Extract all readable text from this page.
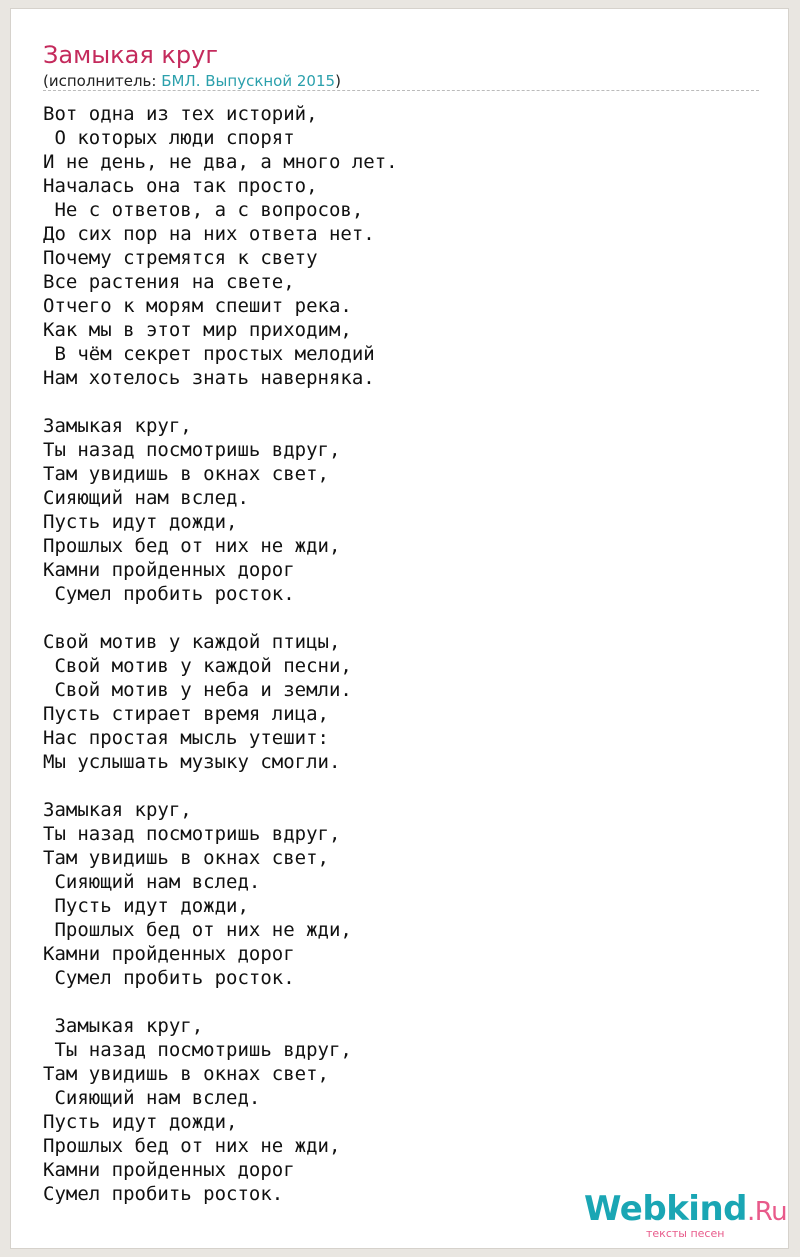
Замыкая круг
(исполнитель: БМЛ. Выпускной 2015)
Вот одна из тех историй,
О которых люди спорят
И не день, не два, а много лет.
Началась она так просто,
Не с ответов, а с вопросов,
До сих пор на них ответа нет.
Почему стремятся к свету
Все растения на свете,
Отчего к морям спешит река.
Как мы в этот мир приходим,
В чём секрет простых мелодий
Нам хотелось знать наверняка.

Замыкая круг,
Ты назад посмотришь вдруг,
Там увидишь в окнах свет,
Сияющий нам вслед.
Пусть идут дожди,
Прошлых бед от них не жди,
Камни пройденных дорог
Сумел пробить росток.

Свой мотив у каждой птицы,
Свой мотив у каждой песни,
Свой мотив у неба и земли.
Пусть стирает время лица,
Нас простая мысль утешит:
Мы услышать музыку смогли.

Замыкая круг,
Ты назад посмотришь вдруг,
Там увидишь в окнах свет,
Сияющий нам вслед.
Пусть идут дожди,
Прошлых бед от них не жди,
Камни пройденных дорог
Сумел пробить росток.

Замыкая круг,
Ты назад посмотришь вдруг,
Там увидишь в окнах свет,
Сияющий нам вслед.
Пусть идут дожди,
Прошлых бед от них не жди,
Камни пройденных дорог
Сумел пробить росток.	Webkind.Ru
тексты песен
